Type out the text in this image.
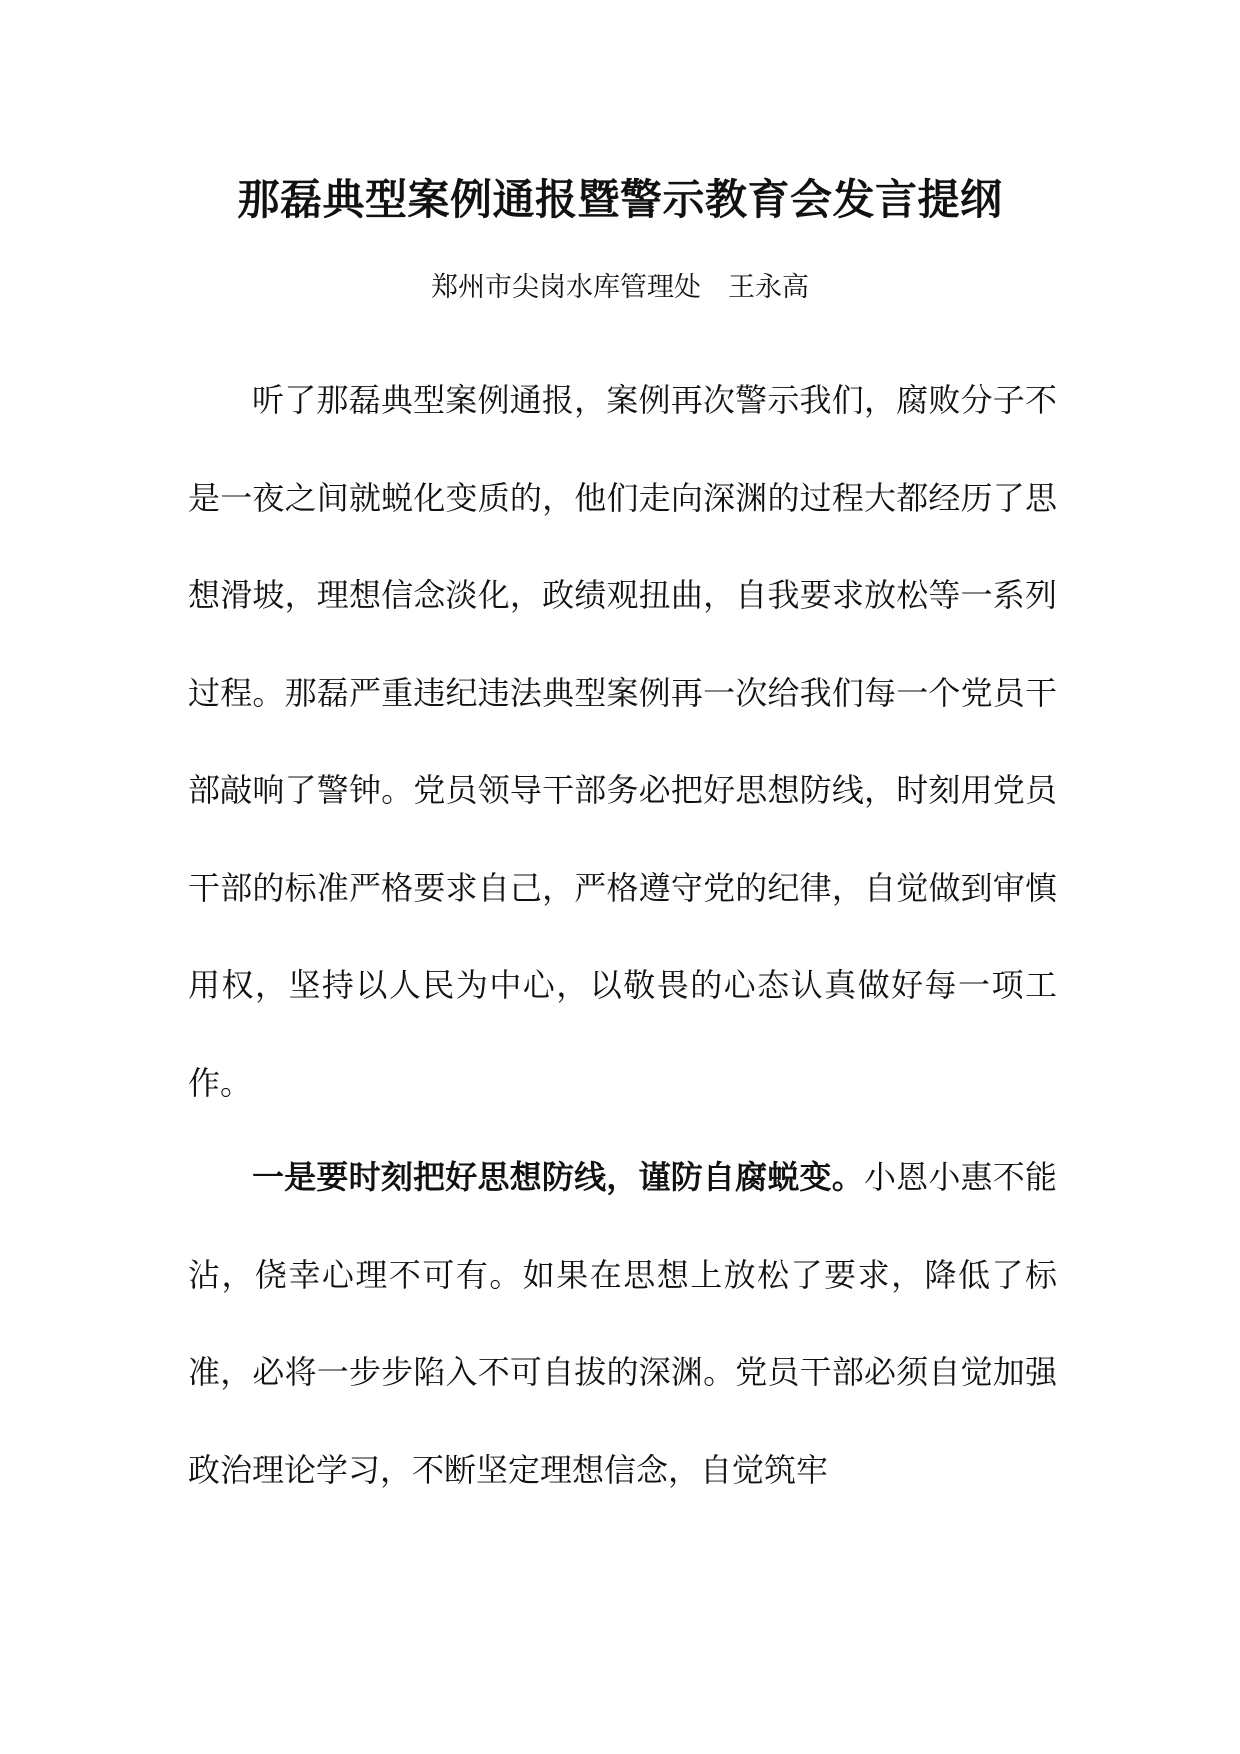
那磊典型案例通报暨警示教育会发言提纲
郑州市尖岗水库管理处　王永高

听了那磊典型案例通报，案例再次警示我们，腐败分子不是一夜之间就蜕化变质的，他们走向深渊的过程大都经历了思想滑坡，理想信念淡化，政绩观扭曲，自我要求放松等一系列过程。那磊严重违纪违法典型案例再一次给我们每一个党员干部敲响了警钟。党员领导干部务必把好思想防线，时刻用党员干部的标准严格要求自己，严格遵守党的纪律，自觉做到审慎用权，坚持以人民为中心，以敬畏的心态认真做好每一项工作。

一是要时刻把好思想防线，谨防自腐蜕变。小恩小惠不能沾，侥幸心理不可有。如果在思想上放松了要求，降低了标准，必将一步步陷入不可自拔的深渊。党员干部必须自觉加强政治理论学习，不断坚定理想信念，自觉筑牢
